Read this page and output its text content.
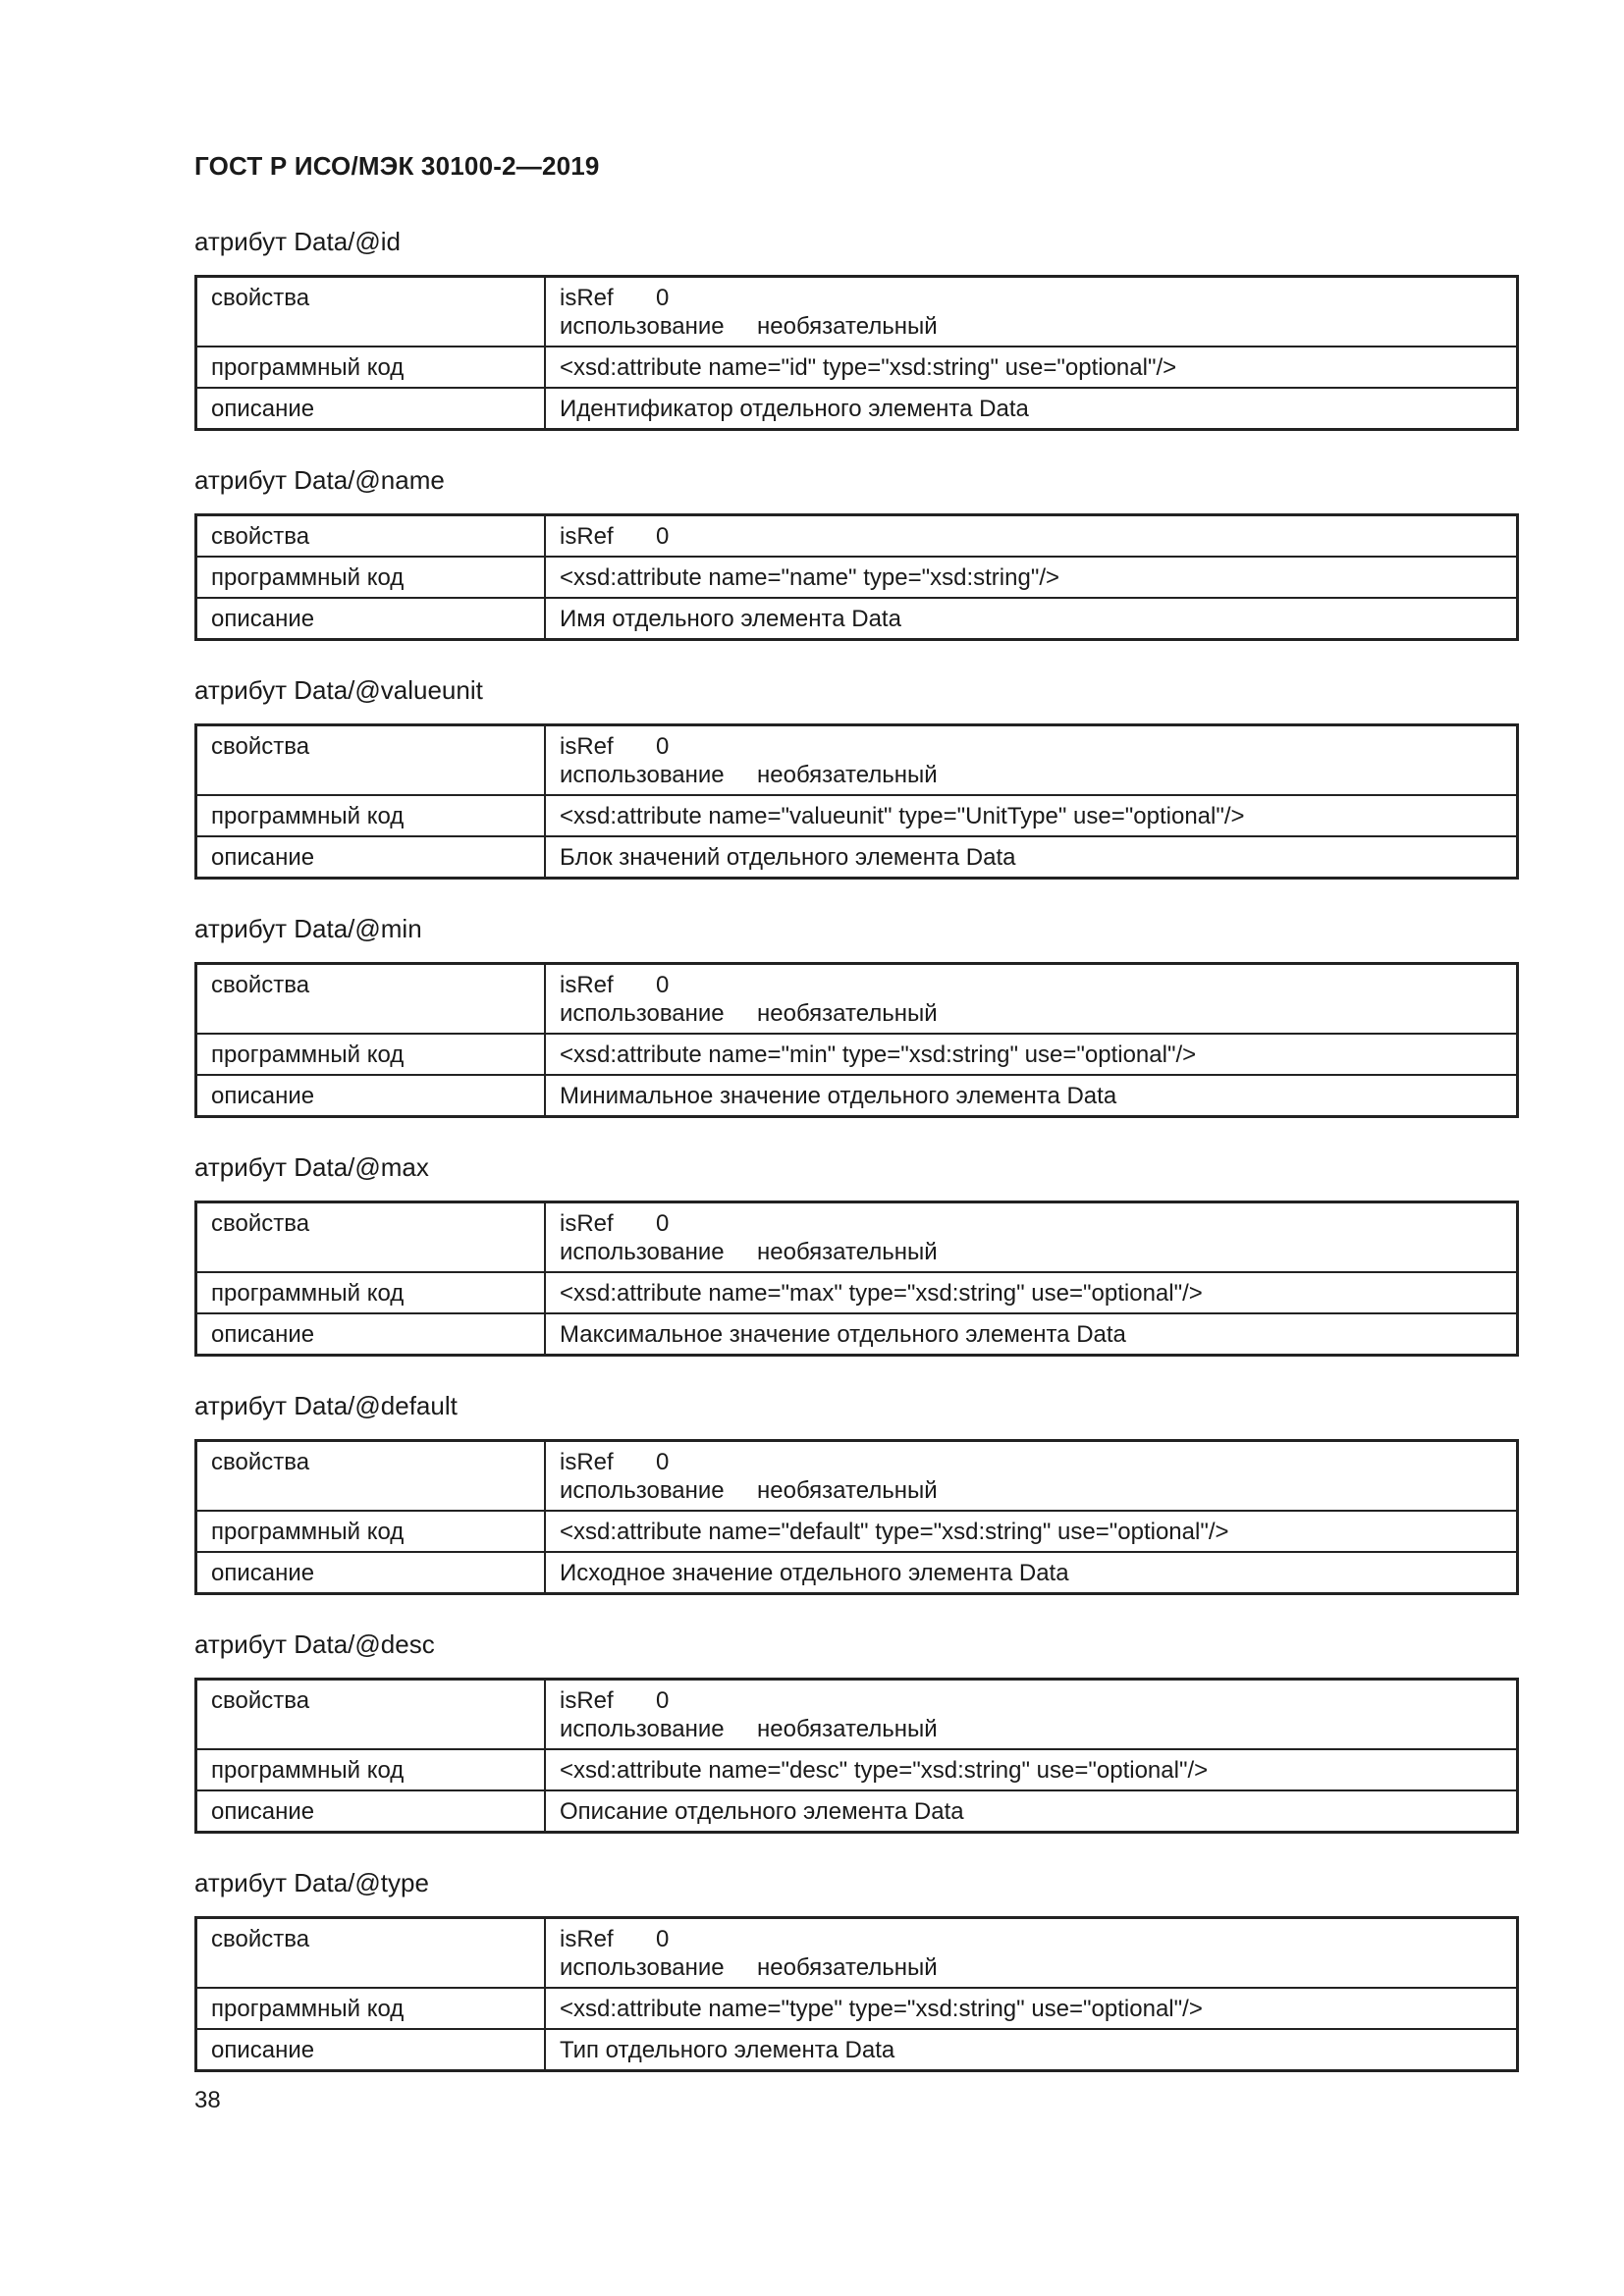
ГОСТ Р ИСО/МЭК 30100-2—2019
атрибут Data/@id
свойства	isRef 0
использование необязательный

программный код	<xsd:attribute name="id" type="xsd:string" use="optional"/>
описание	Идентификатор отдельного элемента Data
атрибут Data/@name
свойства	isRef 0

программный код	<xsd:attribute name="name" type="xsd:string"/>
описание	Имя отдельного элемента Data
атрибут Data/@valueunit
свойства	isRef 0
использование необязательный

программный код	<xsd:attribute name="valueunit" type="UnitType" use="optional"/>
описание	Блок значений отдельного элемента Data
атрибут Data/@min
свойства	isRef 0
использование необязательный

программный код	<xsd:attribute name="min" type="xsd:string" use="optional"/>
описание	Минимальное значение отдельного элемента Data
атрибут Data/@max
свойства	isRef 0
использование необязательный

программный код	<xsd:attribute name="max" type="xsd:string" use="optional"/>
описание	Максимальное значение отдельного элемента Data
атрибут Data/@default
свойства	isRef 0
использование необязательный

программный код	<xsd:attribute name="default" type="xsd:string" use="optional"/>
описание	Исходное значение отдельного элемента Data
атрибут Data/@desc
свойства	isRef 0
использование необязательный

программный код	<xsd:attribute name="desc" type="xsd:string" use="optional"/>
описание	Описание отдельного элемента Data
атрибут Data/@type
свойства	isRef 0
использование необязательный

программный код	<xsd:attribute name="type" type="xsd:string" use="optional"/>
описание	Тип отдельного элемента Data

38
